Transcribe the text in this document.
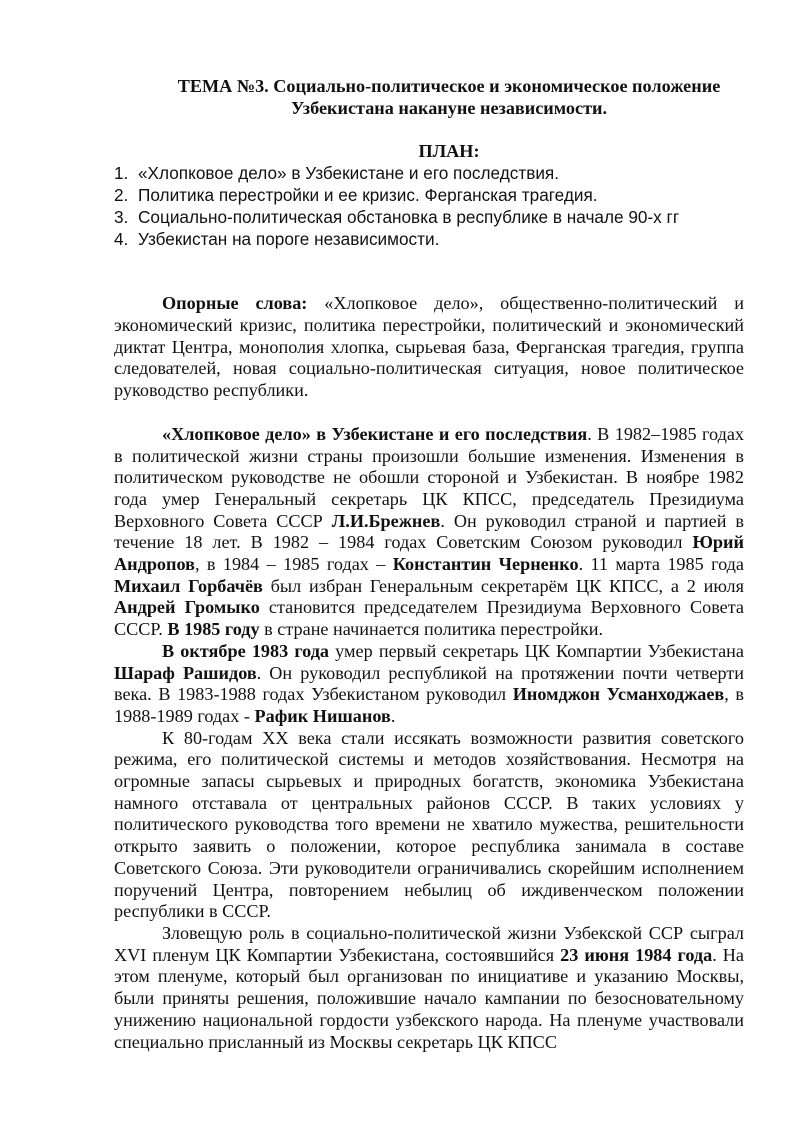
ТЕМА №3. Социально-политическое и экономическое положение
Узбекистана накануне независимости.
ПЛАН:
1. «Хлопковое дело» в Узбекистане и его последствия.
2. Политика перестройки и ее кризис. Ферганская трагедия.
3. Социально-политическая обстановка в республике в начале 90-х гг
4. Узбекистан на пороге независимости.

Опорные слова: «Хлопковое дело», общественно-политический и экономический кризис, политика перестройки, политический и экономический диктат Центра, монополия хлопка, сырьевая база, Ферганская трагедия, группа следователей, новая социально-политическая ситуация, новое политическое руководство республики.

«Хлопковое дело» в Узбекистане и его последствия. В 1982–1985 годах в политической жизни страны произошли большие изменения. Изменения в политическом руководстве не обошли стороной и Узбекистан. В ноябре 1982 года умер Генеральный секретарь ЦК КПСС, председатель Президиума Верховного Совета СССР Л.И.Брежнев. Он руководил страной и партией в течение 18 лет. В 1982 – 1984 годах Советским Союзом руководил Юрий Андропов, в 1984 – 1985 годах – Константин Черненко. 11 марта 1985 года Михаил Горбачёв был избран Генеральным секретарём ЦК КПСС, а 2 июля Андрей Громыко становится председателем Президиума Верховного Совета СССР. В 1985 году в стране начинается политика перестройки.

В октябре 1983 года умер первый секретарь ЦК Компартии Узбекистана Шараф Рашидов. Он руководил республикой на протяжении почти четверти века. В 1983-1988 годах Узбекистаном руководил Иномджон Усманходжаев, в 1988-1989 годах - Рафик Нишанов.

К 80-годам XX века стали иссякать возможности развития советского режима, его политической системы и методов хозяйствования. Несмотря на огромные запасы сырьевых и природных богатств, экономика Узбекистана намного отставала от центральных районов СССР. В таких условиях у политического руководства того времени не хватило мужества, решительности открыто заявить о положении, которое республика занимала в составе Советского Союза. Эти руководители ограничивались скорейшим исполнением поручений Центра, повторением небылиц об иждивенческом положении республики в СССР.

Зловещую роль в социально-политической жизни Узбекской ССР сыграл XVI пленум ЦК Компартии Узбекистана, состоявшийся 23 июня 1984 года. На этом пленуме, который был организован по инициативе и указанию Москвы, были приняты решения, положившие начало кампании по безосновательному унижению национальной гордости узбекского народа. На пленуме участвовали специально присланный из Москвы секретарь ЦК КПСС
